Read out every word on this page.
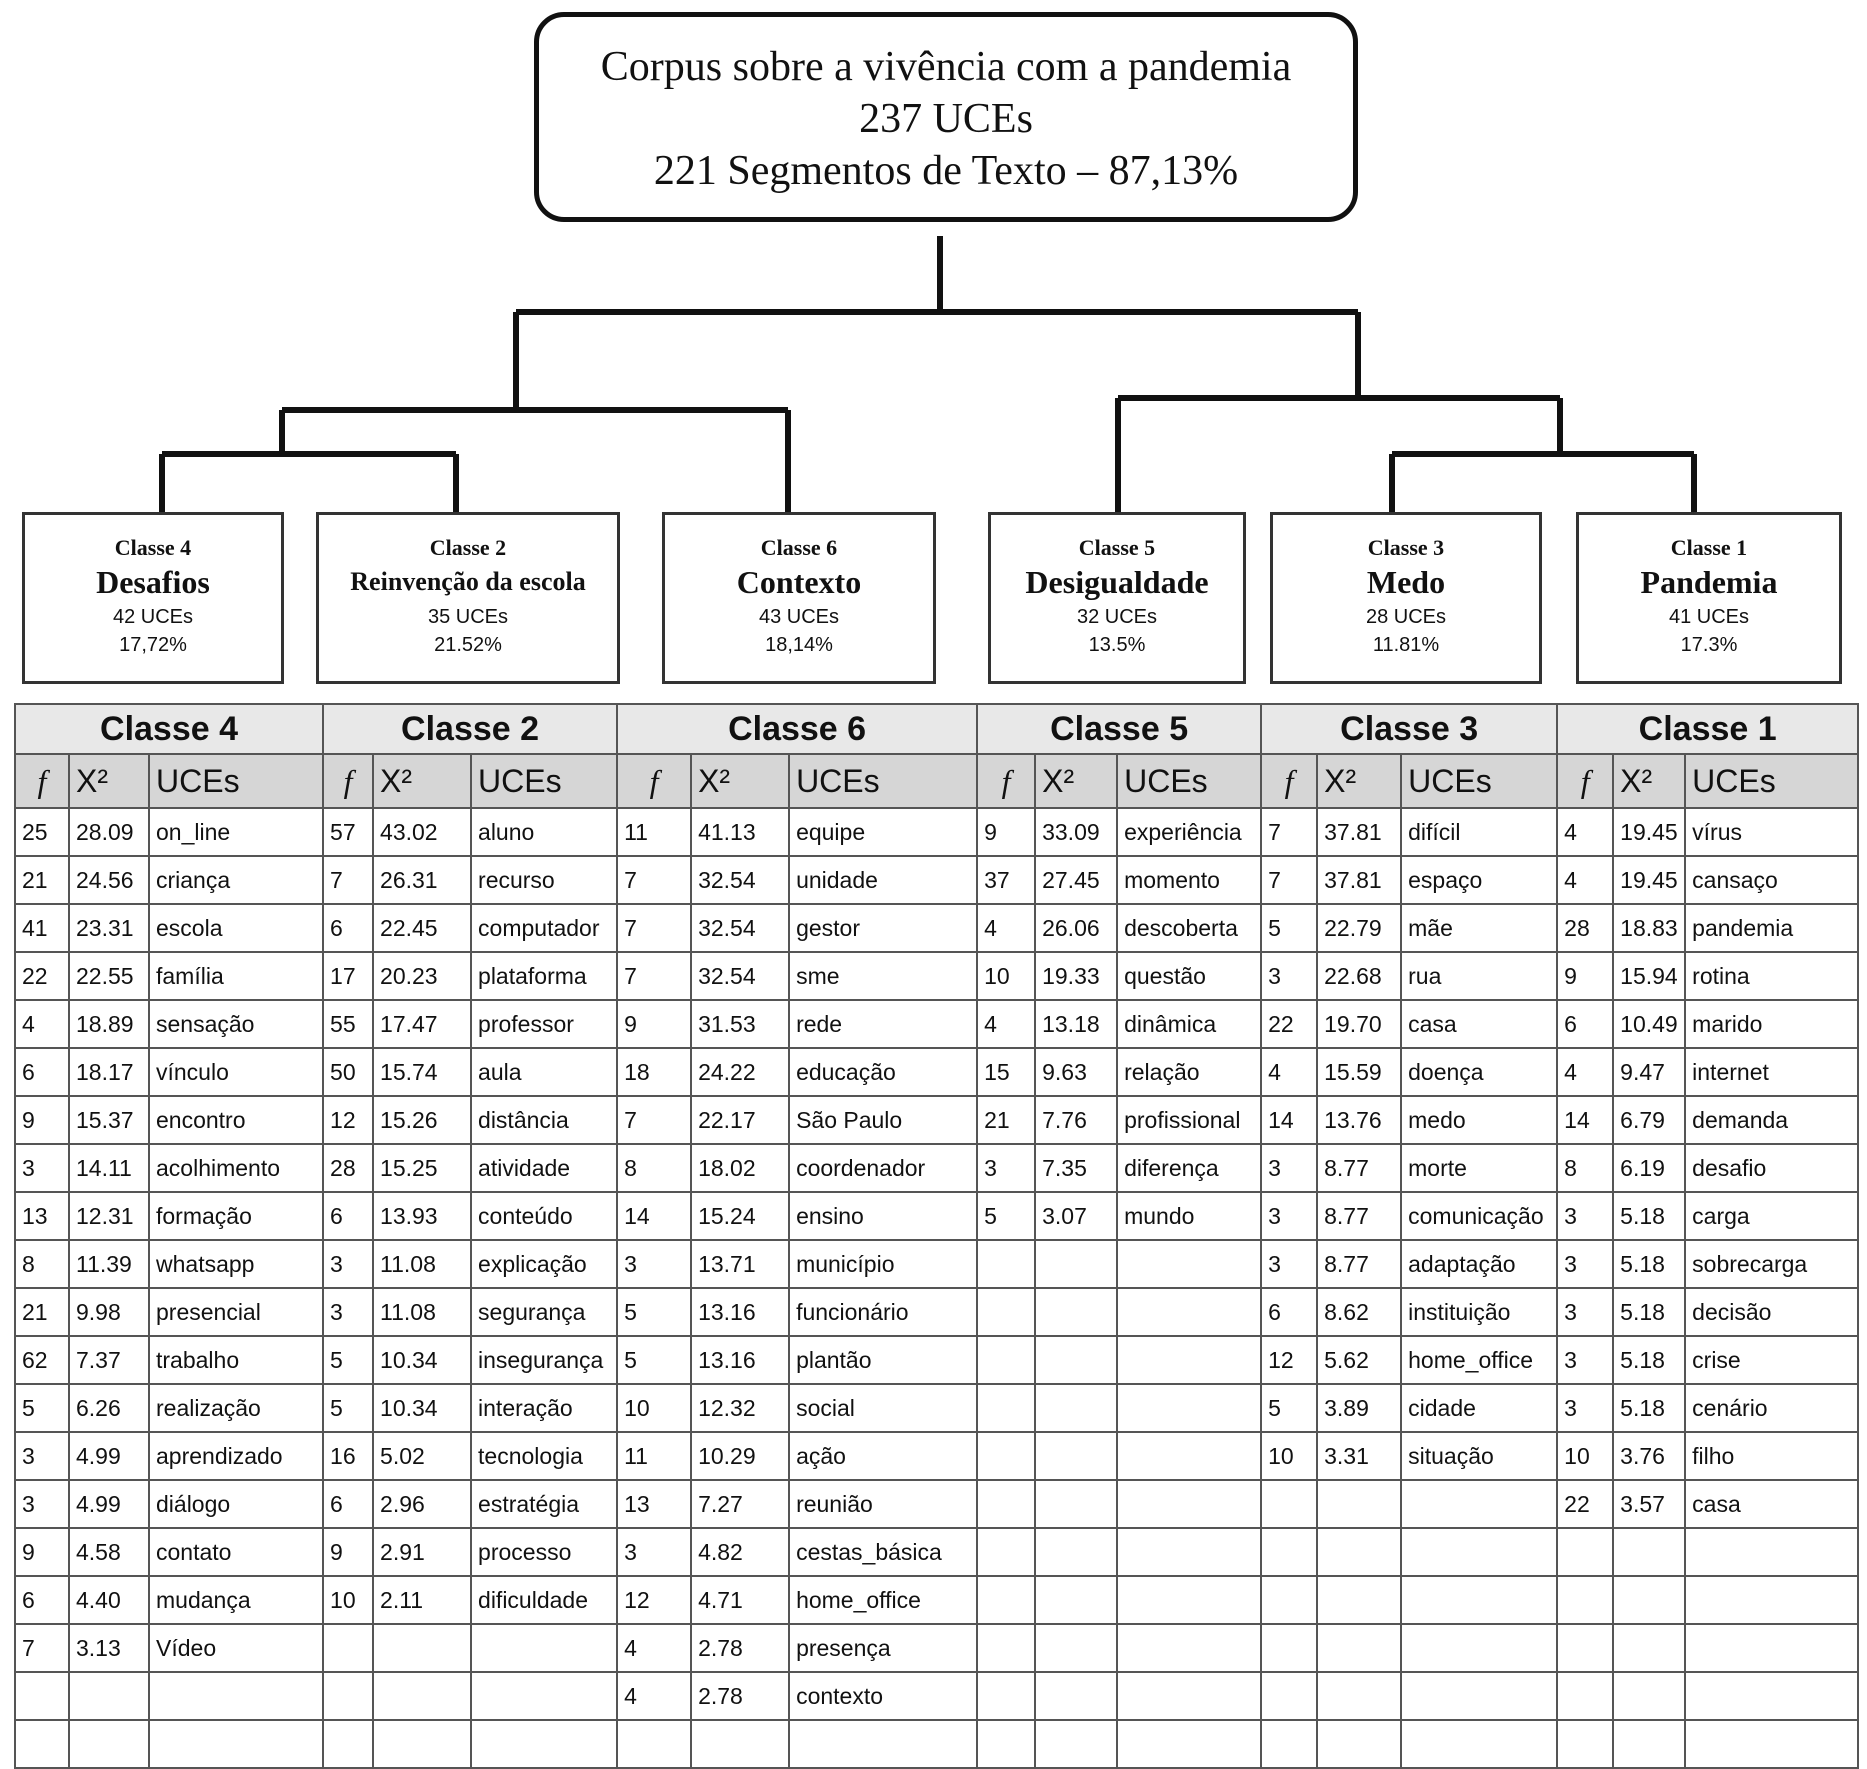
Corpus sobre a vivência com a pandemia
237 UCEs
221 Segmentos de Texto – 87,13%
Classe 4
Desafios
42 UCEs
17,72%
Classe 2
Reinvenção da escola
35 UCEs
21.52%
Classe 6
Contexto
43 UCEs
18,14%
Classe 5
Desigualdade
32 UCEs
13.5%
Classe 3
Medo
28 UCEs
11.81%
Classe 1
Pandemia
41 UCEs
17.3%
Classe 4			Classe 2			Classe 6			Classe 5			Classe 3			Classe 1		
f	X²	UCEs	f	X²	UCEs	f	X²	UCEs	f	X²	UCEs	f	X²	UCEs	f	X²	UCEs
25	28.09	on_line	57	43.02	aluno	11	41.13	equipe	9	33.09	experiência	7	37.81	difícil	4	19.45	vírus
21	24.56	criança	7	26.31	recurso	7	32.54	unidade	37	27.45	momento	7	37.81	espaço	4	19.45	cansaço
41	23.31	escola	6	22.45	computador	7	32.54	gestor	4	26.06	descoberta	5	22.79	mãe	28	18.83	pandemia
22	22.55	família	17	20.23	plataforma	7	32.54	sme	10	19.33	questão	3	22.68	rua	9	15.94	rotina
4	18.89	sensação	55	17.47	professor	9	31.53	rede	4	13.18	dinâmica	22	19.70	casa	6	10.49	marido
6	18.17	vínculo	50	15.74	aula	18	24.22	educação	15	9.63	relação	4	15.59	doença	4	9.47	internet
9	15.37	encontro	12	15.26	distância	7	22.17	São Paulo	21	7.76	profissional	14	13.76	medo	14	6.79	demanda
3	14.11	acolhimento	28	15.25	atividade	8	18.02	coordenador	3	7.35	diferença	3	8.77	morte	8	6.19	desafio
13	12.31	formação	6	13.93	conteúdo	14	15.24	ensino	5	3.07	mundo	3	8.77	comunicação	3	5.18	carga
8	11.39	whatsapp	3	11.08	explicação	3	13.71	município				3	8.77	adaptação	3	5.18	sobrecarga
21	9.98	presencial	3	11.08	segurança	5	13.16	funcionário				6	8.62	instituição	3	5.18	decisão
62	7.37	trabalho	5	10.34	insegurança	5	13.16	plantão				12	5.62	home_office	3	5.18	crise
5	6.26	realização	5	10.34	interação	10	12.32	social				5	3.89	cidade	3	5.18	cenário
3	4.99	aprendizado	16	5.02	tecnologia	11	10.29	ação				10	3.31	situação	10	3.76	filho
3	4.99	diálogo	6	2.96	estratégia	13	7.27	reunião							22	3.57	casa
9	4.58	contato	9	2.91	processo	3	4.82	cestas_básica									
6	4.40	mudança	10	2.11	dificuldade	12	4.71	home_office									
7	3.13	Vídeo				4	2.78	presença									
						4	2.78	contexto									
